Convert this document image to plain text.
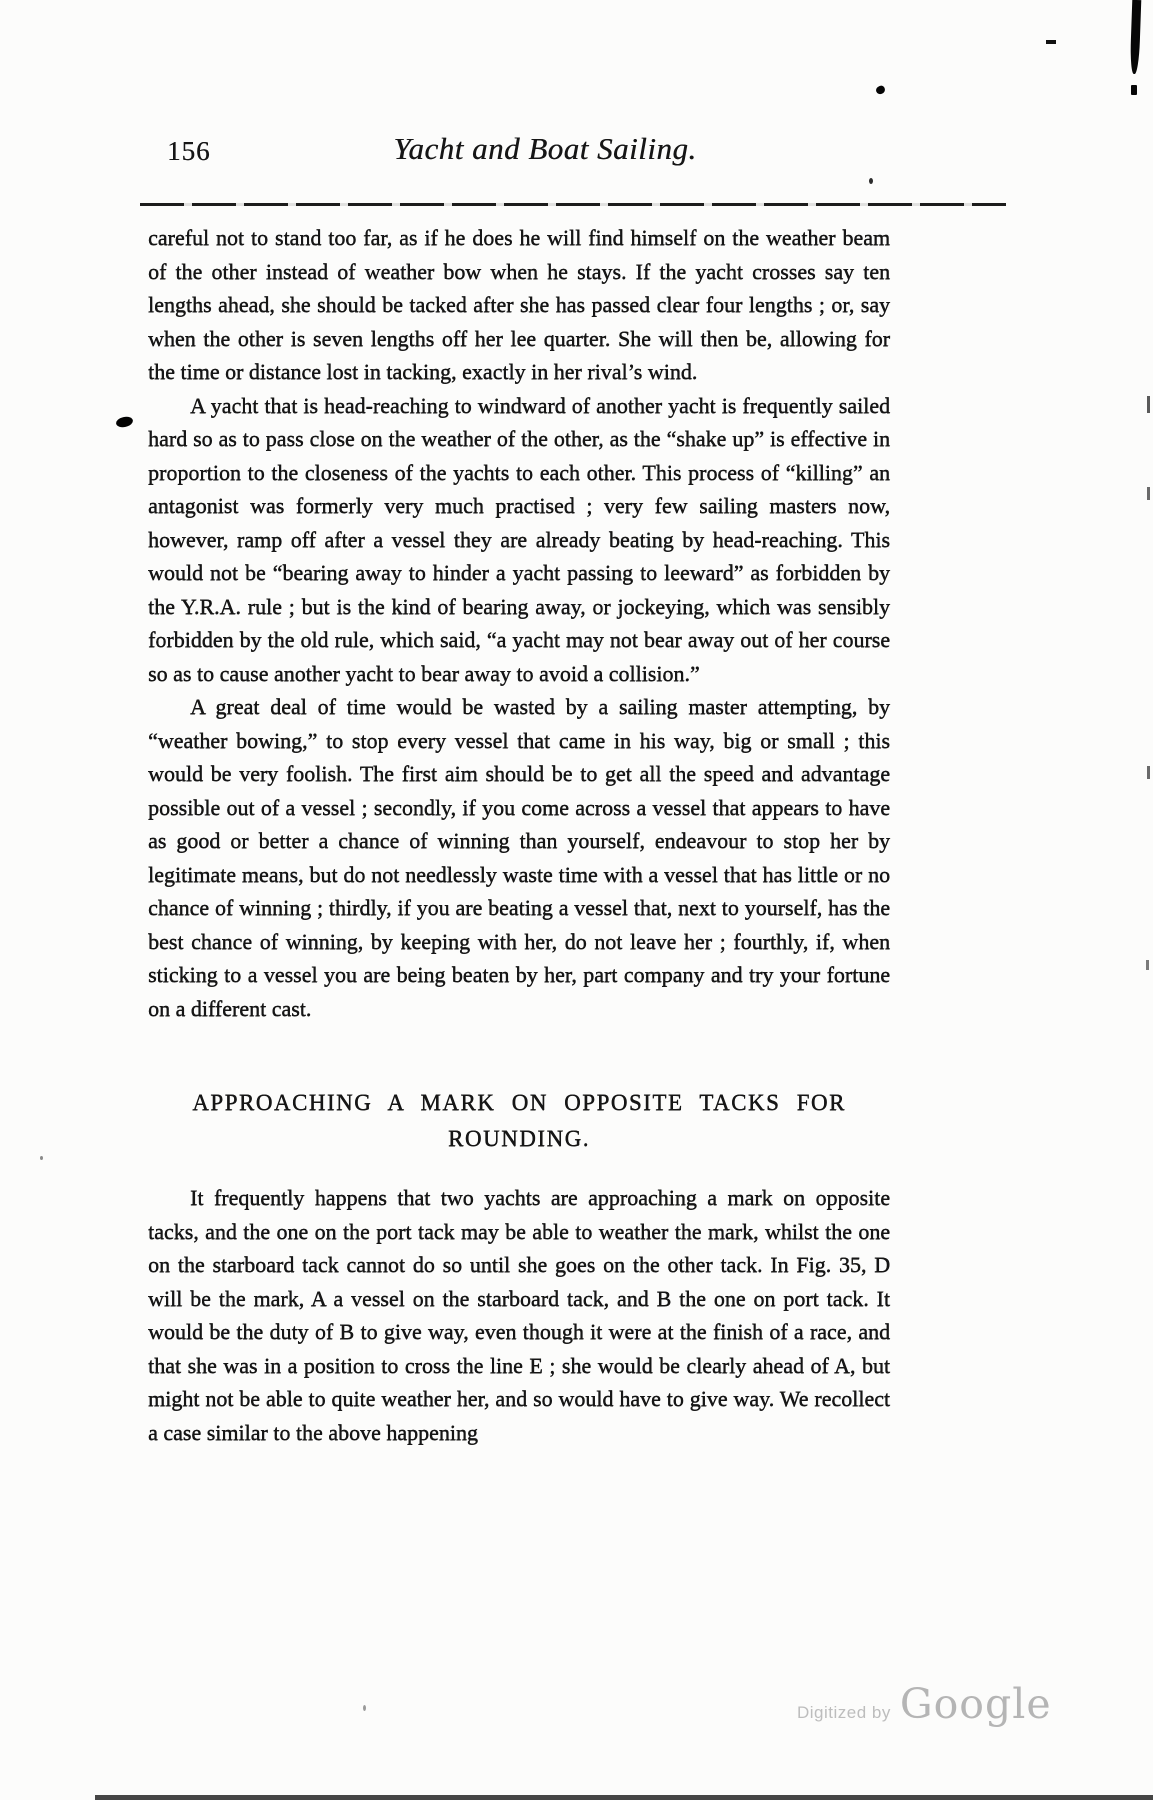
156	Yacht and Boat Sailing.

careful not to stand too far, as if he does he will find himself on the weather beam of the other instead of weather bow when he stays. If the yacht crosses say ten lengths ahead, she should be tacked after she has passed clear four lengths ; or, say when the other is seven lengths off her lee quarter. She will then be, allowing for the time or distance lost in tacking, exactly in her rival’s wind.

A yacht that is head-reaching to windward of another yacht is frequently sailed hard so as to pass close on the weather of the other, as the “shake up” is effective in proportion to the closeness of the yachts to each other. This process of “killing” an antagonist was formerly very much practised ; very few sailing masters now, however, ramp off after a vessel they are already beating by head-reaching. This would not be “bearing away to hinder a yacht passing to leeward” as forbidden by the Y.R.A. rule ; but is the kind of bearing away, or jockeying, which was sensibly forbidden by the old rule, which said, “a yacht may not bear away out of her course so as to cause another yacht to bear away to avoid a collision.”

A great deal of time would be wasted by a sailing master attempting, by “weather bowing,” to stop every vessel that came in his way, big or small ; this would be very foolish. The first aim should be to get all the speed and advantage possible out of a vessel ; secondly, if you come across a vessel that appears to have as good or better a chance of winning than yourself, endeavour to stop her by legitimate means, but do not needlessly waste time with a vessel that has little or no chance of winning ; thirdly, if you are beating a vessel that, next to yourself, has the best chance of winning, by keeping with her, do not leave her ; fourthly, if, when sticking to a vessel you are being beaten by her, part company and try your fortune on a different cast.

APPROACHING A MARK ON OPPOSITE TACKS FOR
ROUNDING.

It frequently happens that two yachts are approaching a mark on opposite tacks, and the one on the port tack may be able to weather the mark, whilst the one on the starboard tack cannot do so until she goes on the other tack. In Fig. 35, D will be the mark, A a vessel on the starboard tack, and B the one on port tack. It would be the duty of B to give way, even though it were at the finish of a race, and that she was in a position to cross the line E ; she would be clearly ahead of A, but might not be able to quite weather her, and so would have to give way. We recollect a case similar to the above happening

Digitized by Google
